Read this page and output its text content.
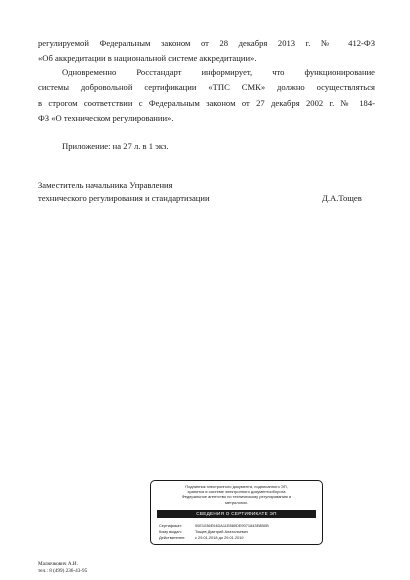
регулируемой Федеральным законом от 28 декабря 2013 г. № 412-ФЗ
«Об аккредитации в национальной системе аккредитации».
Одновременно Росстандарт информирует, что функционирование
системы добровольной сертификации «ТПС СМК» должно осуществляться
в строгом соответствии с Федеральным законом от 27 декабря 2002 г. № 184-
ФЗ «О техническом регулировании».
Приложение: на 27 л. в 1 экз.
Заместитель начальника Управления
технического регулирования и стандартизации	Д.А.Тощев
Подлинник электронного документа, подписанного ЭП,
хранится в системе электронного документооборота
Федеральное агентство по техническому регулированию и
метрологии.
СВЕДЕНИЯ О СЕРТИФИКАТЕ ЭП
Сертификат:	00E1036E04DA11E880DE9071843E8B0B
Кому выдан:	Тощев Дмитрий Анатольевич
Действителен: с 29.01.2018 до 29.01.2019
Малючкович А.И.
тел.: 8 (499) 236-43-95
